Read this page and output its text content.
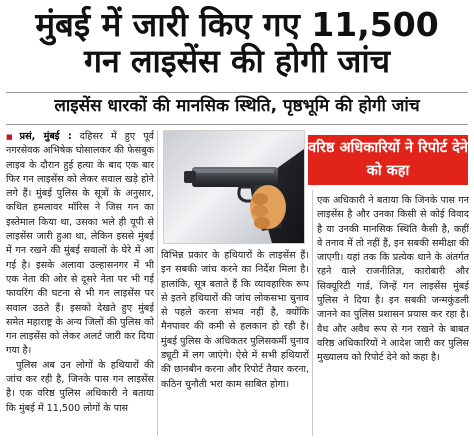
मुंबई में जारी किए गए 11,500
गन लाइसेंस की होगी जांच
लाइसेंस धारकों की मानसिक स्थिति, पृष्ठभूमि की होगी जांच

■ प्रसं, मुंबई : दहिसर में हुए पूर्व नगरसेवक अभिषेक घोसालकर की फेसबुक लाइव के दौरान हुई हत्या के बाद एक बार फिर गन लाइसेंस को लेकर सवाल खड़े होने लगे हैं। मुंबई पुलिस के सूत्रों के अनुसार, कथित हमलावर मॉरिस ने जिस गन का इस्तेमाल किया था, उसका भले ही यूपी से लाइसेंस जारी हुआ था, लेकिन इससे मुंबई में गन रखने की मुंबई सवालों के घेरे में आ गई है। इसके अलावा उल्हासनगर में भी एक नेता की ओर से दूसरे नेता पर भी गई फायरिंग की घटना से भी गन लाइसेंस पर सवाल उठते हैं। इसको देखते हुए मुंबई समेत महाराष्ट्र के अन्य जिलों की पुलिस को गन लाइसेंस को लेकर अलर्ट जारी कर दिया गया है।

पुलिस अब उन लोगों के हथियारों की जांच कर रही है, जिनके पास गन लाइसेंस है। एक वरिष्ठ पुलिस अधिकारी ने बताया कि मुंबई में 11,500 लोगों के पास

विभिन्न प्रकार के हथियारों के लाइसेंस हैं। इन सबकी जांच करने का निर्देश मिला है। हालांकि, सूत्र बताते हैं कि व्यावहारिक रूप से इतने हथियारों की जांच लोकसभा चुनाव से पहले करना संभव नहीं है, क्योंकि मैनपावर की कमी से हलकान हो रही है। मुंबई पुलिस के अधिकतर पुलिसकर्मी चुनाव ड्यूटी में लग जाएंगे। ऐसे में सभी हथियारों की छानबीन करना और रिपोर्ट तैयार करना, कठिन चुनौती भरा काम साबित होगा।

वरिष्ठ अधिकारियों ने रिपोर्ट देने को कहा

एक अधिकारी ने बताया कि जिनके पास गन लाइसेंस है और उनका किसी से कोई विवाद है या उनकी मानसिक स्थिति कैसी है, कहीं वे तनाव में तो नहीं हैं, इन सबकी समीक्षा की जाएगी। यहां तक कि प्रत्येक थाने के अंतर्गत रहने वाले राजनीतिज्ञ, कारोबारी और सिक्यूरिटी गार्ड, जिन्हें गन लाइसेंस मुंबई पुलिस ने दिया है। इन सबकी जन्मकुंडली जानने का पुलिस प्रशासन प्रयास कर रहा है। वैध और अवैध रूप से गन रखने के बाबत वरिष्ठ अधिकारियों ने आदेश जारी कर पुलिस मुख्यालय को रिपोर्ट देने को कहा है।
